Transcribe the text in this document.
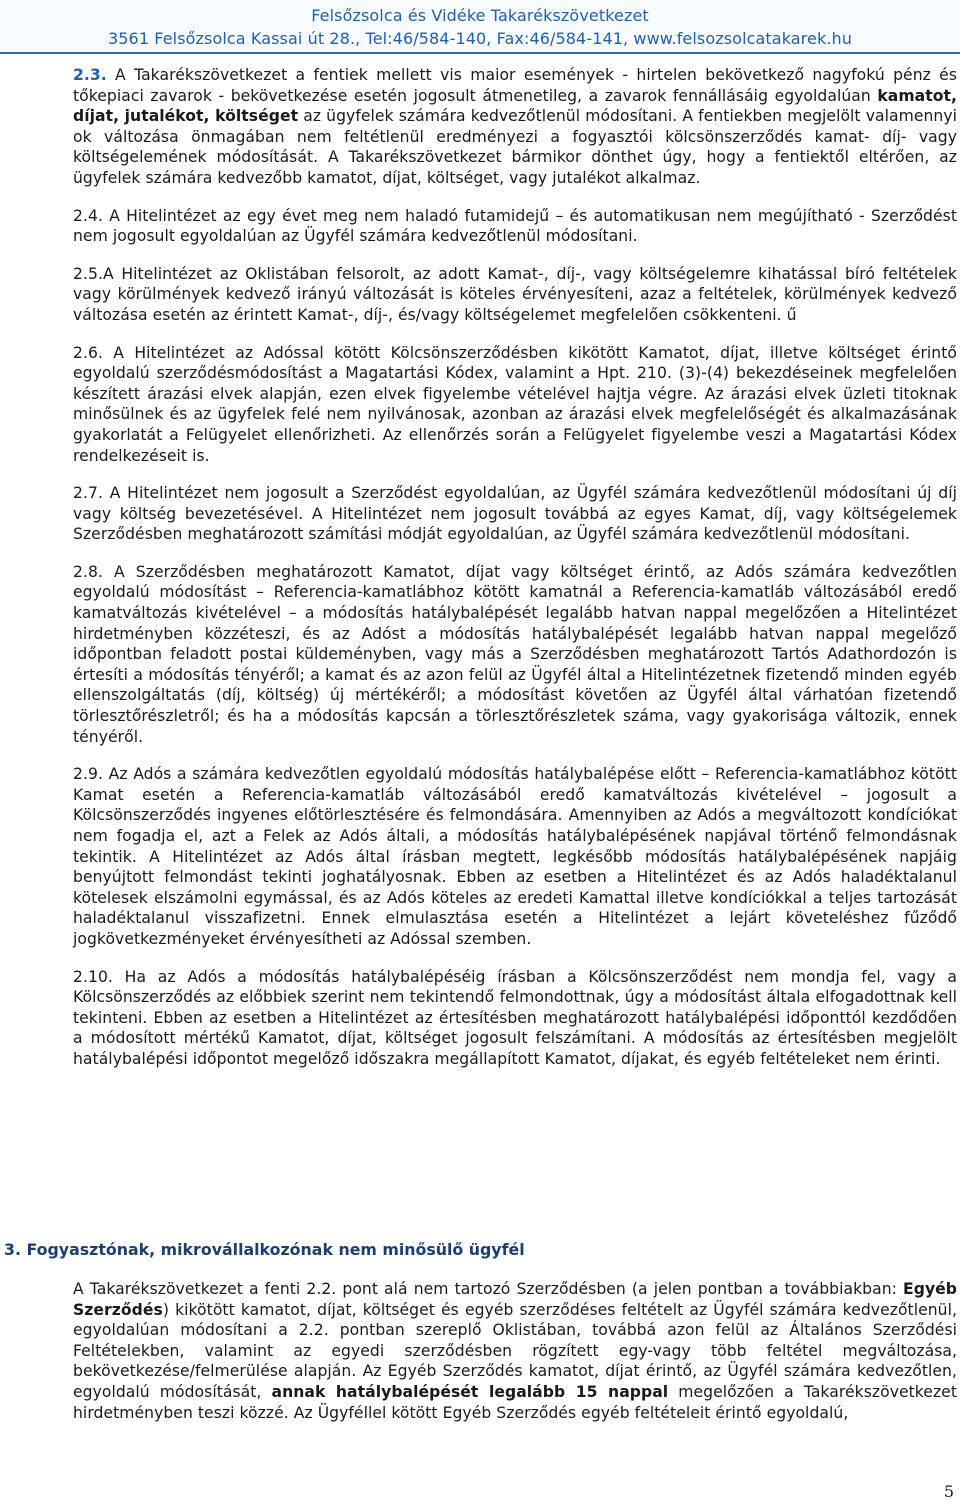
Felsőzsolca és Vidéke Takarékszövetkezet
3561 Felsőzsolca Kassai út 28., Tel:46/584-140, Fax:46/584-141, www.felsozsolcatakarek.hu

2.3. A Takarékszövetkezet a fentiek mellett vis maior események - hirtelen bekövetkező nagyfokú pénz és tőkepiaci zavarok - bekövetkezése esetén jogosult átmenetileg, a zavarok fennállásáig egyoldalúan kamatot, díjat, jutalékot, költséget az ügyfelek számára kedvezőtlenül módosítani. A fentiekben megjelölt valamennyi ok változása önmagában nem feltétlenül eredményezi a fogyasztói kölcsönszerződés kamat- díj- vagy költségelemének módosítását. A Takarékszövetkezet bármikor dönthet úgy, hogy a fentiektől eltérően, az ügyfelek számára kedvezőbb kamatot, díjat, költséget, vagy jutalékot alkalmaz.

2.4. A Hitelintézet az egy évet meg nem haladó futamidejű – és automatikusan nem megújítható - Szerződést nem jogosult egyoldalúan az Ügyfél számára kedvezőtlenül módosítani.

2.5.A Hitelintézet az Oklistában felsorolt, az adott Kamat-, díj-, vagy költségelemre kihatással bíró feltételek vagy körülmények kedvező irányú változását is köteles érvényesíteni, azaz a feltételek, körülmények kedvező változása esetén az érintett Kamat-, díj-, és/vagy költségelemet megfelelően csökkenteni. ű

2.6. A Hitelintézet az Adóssal kötött Kölcsönszerződésben kikötött Kamatot, díjat, illetve költséget érintő egyoldalú szerződésmódosítást a Magatartási Kódex, valamint a Hpt. 210. (3)-(4) bekezdéseinek megfelelően készített árazási elvek alapján, ezen elvek figyelembe vételével hajtja végre. Az árazási elvek üzleti titoknak minősülnek és az ügyfelek felé nem nyilvánosak, azonban az árazási elvek megfelelőségét és alkalmazásának gyakorlatát a Felügyelet ellenőrizheti. Az ellenőrzés során a Felügyelet figyelembe veszi a Magatartási Kódex rendelkezéseit is.

2.7. A Hitelintézet nem jogosult a Szerződést egyoldalúan, az Ügyfél számára kedvezőtlenül módosítani új díj vagy költség bevezetésével. A Hitelintézet nem jogosult továbbá az egyes Kamat, díj, vagy költségelemek Szerződésben meghatározott számítási módját egyoldalúan, az Ügyfél számára kedvezőtlenül módosítani.

2.8. A Szerződésben meghatározott Kamatot, díjat vagy költséget érintő, az Adós számára kedvezőtlen egyoldalú módosítást – Referencia-kamatlábhoz kötött kamatnál a Referencia-kamatláb változásából eredő kamatváltozás kivételével – a módosítás hatálybalépését legalább hatvan nappal megelőzően a Hitelintézet hirdetményben közzéteszi, és az Adóst a módosítás hatálybalépését legalább hatvan nappal megelőző időpontban feladott postai küldeményben, vagy más a Szerződésben meghatározott Tartós Adathordozón is értesíti a módosítás tényéről; a kamat és az azon felül az Ügyfél által a Hitelintézetnek fizetendő minden egyéb ellenszolgáltatás (díj, költség) új mértékéről; a módosítást követően az Ügyfél által várhatóan fizetendő törlesztőrészletről; és ha a módosítás kapcsán a törlesztőrészletek száma, vagy gyakorisága változik, ennek tényéről.

2.9. Az Adós a számára kedvezőtlen egyoldalú módosítás hatálybalépése előtt – Referencia-kamatlábhoz kötött Kamat esetén a Referencia-kamatláb változásából eredő kamatváltozás kivételével – jogosult a Kölcsönszerződés ingyenes előtörlesztésére és felmondására. Amennyiben az Adós a megváltozott kondíciókat nem fogadja el, azt a Felek az Adós általi, a módosítás hatálybalépésének napjával történő felmondásnak tekintik. A Hitelintézet az Adós által írásban megtett, legkésőbb módosítás hatálybalépésének napjáig benyújtott felmondást tekinti joghatályosnak. Ebben az esetben a Hitelintézet és az Adós haladéktalanul kötelesek elszámolni egymással, és az Adós köteles az eredeti Kamattal illetve kondíciókkal a teljes tartozását haladéktalanul visszafizetni. Ennek elmulasztása esetén a Hitelintézet a lejárt követeléshez fűződő jogkövetkezményeket érvényesítheti az Adóssal szemben.

2.10. Ha az Adós a módosítás hatálybalépéséig írásban a Kölcsönszerződést nem mondja fel, vagy a Kölcsönszerződés az előbbiek szerint nem tekintendő felmondottnak, úgy a módosítást általa elfogadottnak kell tekinteni. Ebben az esetben a Hitelintézet az értesítésben meghatározott hatálybalépési időponttól kezdődően a módosított mértékű Kamatot, díjat, költséget jogosult felszámítani. A módosítás az értesítésben megjelölt hatálybalépési időpontot megelőző időszakra megállapított Kamatot, díjakat, és egyéb feltételeket nem érinti.

3. Fogyasztónak, mikrovállalkozónak nem minősülő ügyfél

A Takarékszövetkezet a fenti 2.2. pont alá nem tartozó Szerződésben (a jelen pontban a továbbiakban: Egyéb Szerződés) kikötött kamatot, díjat, költséget és egyéb szerződéses feltételt az Ügyfél számára kedvezőtlenül, egyoldalúan módosítani a 2.2. pontban szereplő Oklistában, továbbá azon felül az Általános Szerződési Feltételekben, valamint az egyedi szerződésben rögzített egy-vagy több feltétel megváltozása, bekövetkezése/felmerülése alapján. Az Egyéb Szerződés kamatot, díjat érintő, az Ügyfél számára kedvezőtlen, egyoldalú módosítását, annak hatálybalépését legalább 15 nappal megelőzően a Takarékszövetkezet hirdetményben teszi közzé. Az Ügyféllel kötött Egyéb Szerződés egyéb feltételeit érintő egyoldalú,

5
